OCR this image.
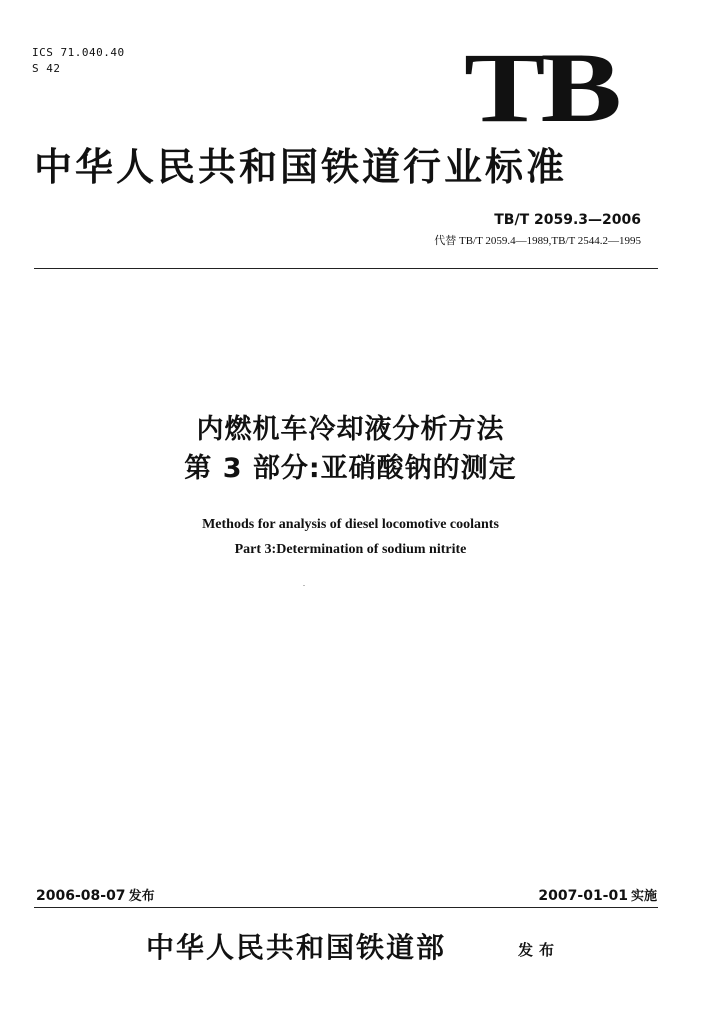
ICS 71.040.40
S 42	TB
中华人民共和国铁道行业标准
TB/T 2059.3—2006
代替 TB/T 2059.4—1989,TB/T 2544.2—1995
内燃机车冷却液分析方法
第 3 部分:亚硝酸钠的测定
Methods for analysis of diesel locomotive coolants
Part 3:Determination of sodium nitrite
2006-08-07 发布	2007-01-01 实施
中华人民共和国铁道部	发布
